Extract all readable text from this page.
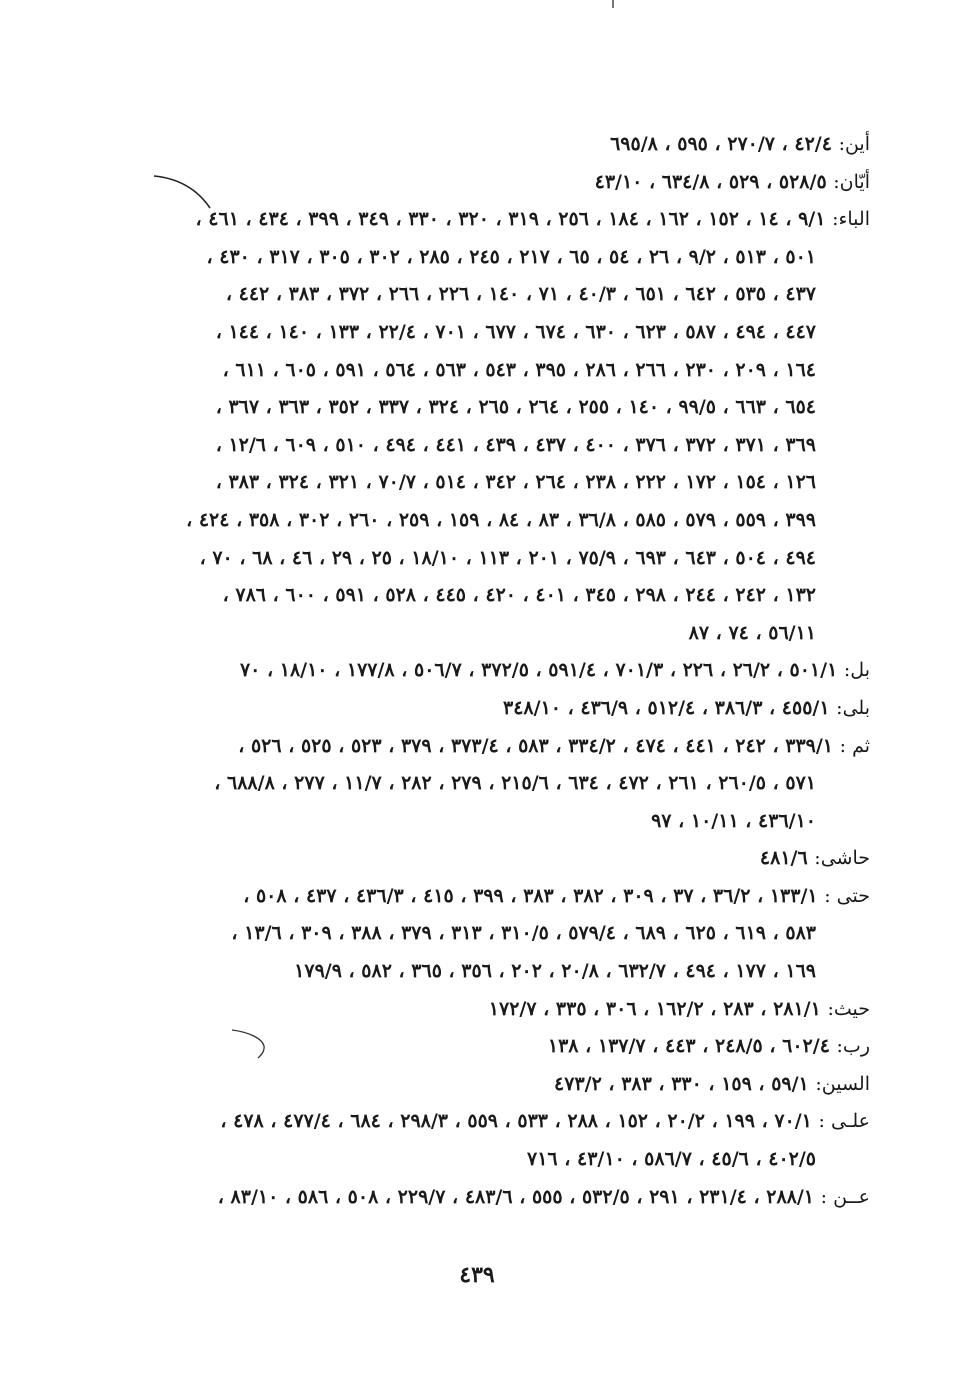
أين: ٤٢/٤ ، ٢٧٠/٧ ، ٥٩٥ ، ٦٩٥/٨
أيّان: ٥٢٨/٥ ، ٥٢٩ ، ٦٣٤/٨ ، ٤٣/١٠
الباء: ٩/١ ، ١٤ ، ١٥٢ ، ١٦٢ ، ١٨٤ ، ٢٥٦ ، ٣١٩ ، ٣٢٠ ، ٣٣٠ ، ٣٤٩ ، ٣٩٩ ، ٤٣٤ ، ٤٦١ ،
٥٠١ ، ٥١٣ ، ٩/٢ ، ٢٦ ، ٥٤ ، ٦٥ ، ٢١٧ ، ٢٤٥ ، ٢٨٥ ، ٣٠٢ ، ٣٠٥ ، ٣١٧ ، ٤٣٠ ،
٤٣٧ ، ٥٣٥ ، ٦٤٢ ، ٦٥١ ، ٤٠/٣ ، ٧١ ، ١٤٠ ، ٢٢٦ ، ٢٦٦ ، ٣٧٢ ، ٣٨٣ ، ٤٤٢ ،
٤٤٧ ، ٤٩٤ ، ٥٨٧ ، ٦٢٣ ، ٦٣٠ ، ٦٧٤ ، ٦٧٧ ، ٧٠١ ، ٢٢/٤ ، ١٣٣ ، ١٤٠ ، ١٤٤ ،
١٦٤ ، ٢٠٩ ، ٢٣٠ ، ٢٦٦ ، ٢٨٦ ، ٣٩٥ ، ٥٤٣ ، ٥٦٣ ، ٥٦٤ ، ٥٩١ ، ٦٠٥ ، ٦١١ ،
٦٥٤ ، ٦٦٣ ، ٩٩/٥ ، ١٤٠ ، ٢٥٥ ، ٢٦٤ ، ٢٦٥ ، ٣٢٤ ، ٣٣٧ ، ٣٥٢ ، ٣٦٣ ، ٣٦٧ ،
٣٦٩ ، ٣٧١ ، ٣٧٢ ، ٣٧٦ ، ٤٠٠ ، ٤٣٧ ، ٤٣٩ ، ٤٤١ ، ٤٩٤ ، ٥١٠ ، ٦٠٩ ، ١٢/٦ ،
١٢٦ ، ١٥٤ ، ١٧٢ ، ٢٢٢ ، ٢٣٨ ، ٢٦٤ ، ٣٤٢ ، ٥١٤ ، ٧٠/٧ ، ٣٢١ ، ٣٢٤ ، ٣٨٣ ،
٣٩٩ ، ٥٥٩ ، ٥٧٩ ، ٥٨٥ ، ٣٦/٨ ، ٨٣ ، ٨٤ ، ١٥٩ ، ٢٥٩ ، ٢٦٠ ، ٣٠٢ ، ٣٥٨ ، ٤٢٤ ،
٤٩٤ ، ٥٠٤ ، ٦٤٣ ، ٦٩٣ ، ٧٥/٩ ، ٢٠١ ، ١١٣ ، ١٨/١٠ ، ٢٥ ، ٢٩ ، ٤٦ ، ٦٨ ، ٧٠ ،
١٣٢ ، ٢٤٢ ، ٢٤٤ ، ٢٩٨ ، ٣٤٥ ، ٤٠١ ، ٤٢٠ ، ٤٤٥ ، ٥٢٨ ، ٥٩١ ، ٦٠٠ ، ٧٨٦ ،
٥٦/١١ ، ٧٤ ، ٨٧
بل: ٥٠١/١ ، ٢٦/٢ ، ٢٢٦ ، ٧٠١/٣ ، ٥٩١/٤ ، ٣٧٢/٥ ، ٥٠٦/٧ ، ١٧٧/٨ ، ١٨/١٠ ، ٧٠
بلى: ٤٥٥/١ ، ٣٨٦/٣ ، ٥١٢/٤ ، ٤٣٦/٩ ، ٣٤٨/١٠
ثم : ٣٣٩/١ ، ٢٤٢ ، ٤٤١ ، ٤٧٤ ، ٣٣٤/٢ ، ٥٨٣ ، ٣٧٣/٤ ، ٣٧٩ ، ٥٢٣ ، ٥٢٥ ، ٥٢٦ ،
٥٧١ ، ٢٦٠/٥ ، ٢٦١ ، ٤٧٢ ، ٦٣٤ ، ٢١٥/٦ ، ٢٧٩ ، ٢٨٢ ، ١١/٧ ، ٢٧٧ ، ٦٨٨/٨ ،
٤٣٦/١٠ ، ١٠/١١ ، ٩٧
حاشى: ٤٨١/٦
حتى : ١٣٣/١ ، ٣٦/٢ ، ٣٧ ، ٣٠٩ ، ٣٨٢ ، ٣٨٣ ، ٣٩٩ ، ٤١٥ ، ٤٣٦/٣ ، ٤٣٧ ، ٥٠٨ ،
٥٨٣ ، ٦١٩ ، ٦٢٥ ، ٦٨٩ ، ٥٧٩/٤ ، ٣١٠/٥ ، ٣١٣ ، ٣٧٩ ، ٣٨٨ ، ٣٠٩ ، ١٣/٦ ،
١٦٩ ، ١٧٧ ، ٤٩٤ ، ٦٣٢/٧ ، ٢٠/٨ ، ٢٠٢ ، ٣٥٦ ، ٣٦٥ ، ٥٨٢ ، ١٧٩/٩
حيث: ٢٨١/١ ، ٢٨٣ ، ١٦٢/٢ ، ٣٠٦ ، ٣٣٥ ، ١٧٢/٧
رب: ٦٠٢/٤ ، ٢٤٨/٥ ، ٤٤٣ ، ١٣٧/٧ ، ١٣٨
السين: ٥٩/١ ، ١٥٩ ، ٣٣٠ ، ٣٨٣ ، ٤٧٣/٢
علـى : ٧٠/١ ، ١٩٩ ، ٢٠/٢ ، ١٥٢ ، ٢٨٨ ، ٥٣٣ ، ٥٥٩ ، ٢٩٨/٣ ، ٦٨٤ ، ٤٧٧/٤ ، ٤٧٨ ،
٤٠٢/٥ ، ٤٥/٦ ، ٥٨٦/٧ ، ٤٣/١٠ ، ٧١٦
عــن : ٢٨٨/١ ، ٢٣١/٤ ، ٢٩١ ، ٥٣٢/٥ ، ٥٥٥ ، ٤٨٣/٦ ، ٢٢٩/٧ ، ٥٠٨ ، ٥٨٦ ، ٨٣/١٠ ،
٤٣٩
